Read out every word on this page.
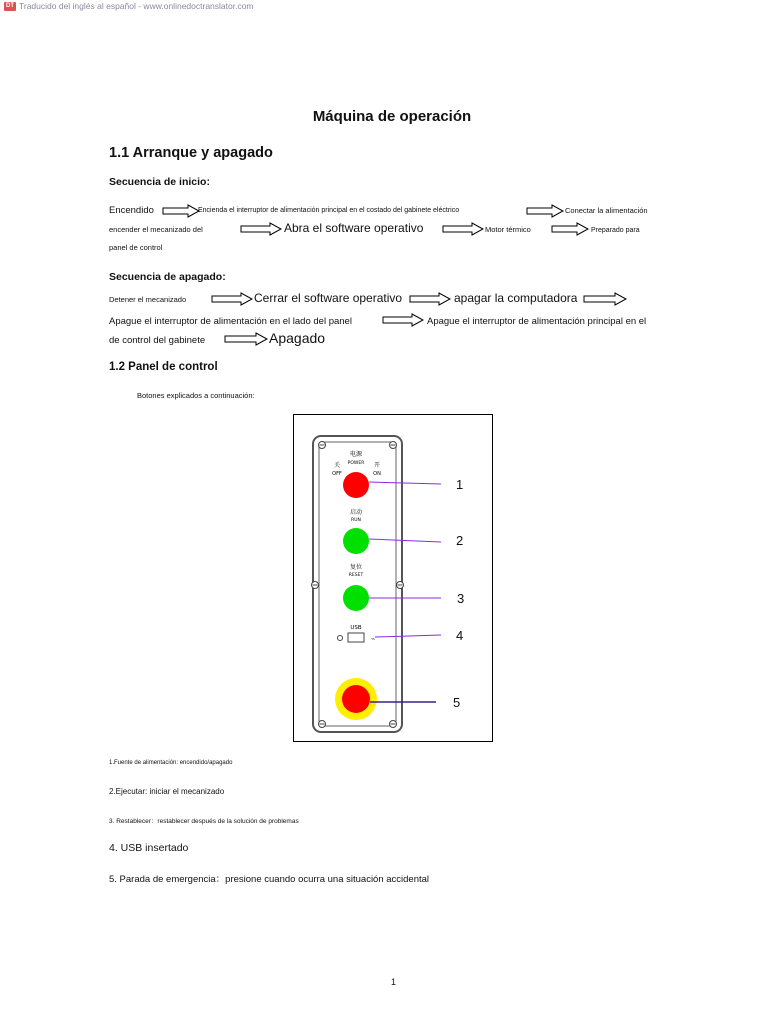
DT Traducido del inglés al español - www.onlinedoctranslator.com
Máquina de operación
1.1 Arranque y apagado
Secuencia de inicio:
Encendido	Encienda el interruptor de alimentación principal en el costado del gabinete eléctrico	Conectar la alimentación
encender el mecanizado del	Abra el software operativo	Motor térmico	Preparado para
panel de control
Secuencia de apagado:
Detener el mecanizado	Cerrar el software operativo	apagar la computadora
Apague el interruptor de alimentación en el lado del panel	Apague el interruptor de alimentación principal en el
de control del gabinete	Apagado
1.2 Panel de control
Botones explicados a continuación:
电源
POWER
关
OFF
开
ON
启动
RUN
复位
RESET
USB
⌁
1
2
3
4
5
1.Fuente de alimentación: encendido/apagado
2.Ejecutar: iniciar el mecanizado
3. Restablecer：restablecer después de la solución de problemas
4. USB insertado
5. Parada de emergencia：presione cuando ocurra una situación accidental
1
